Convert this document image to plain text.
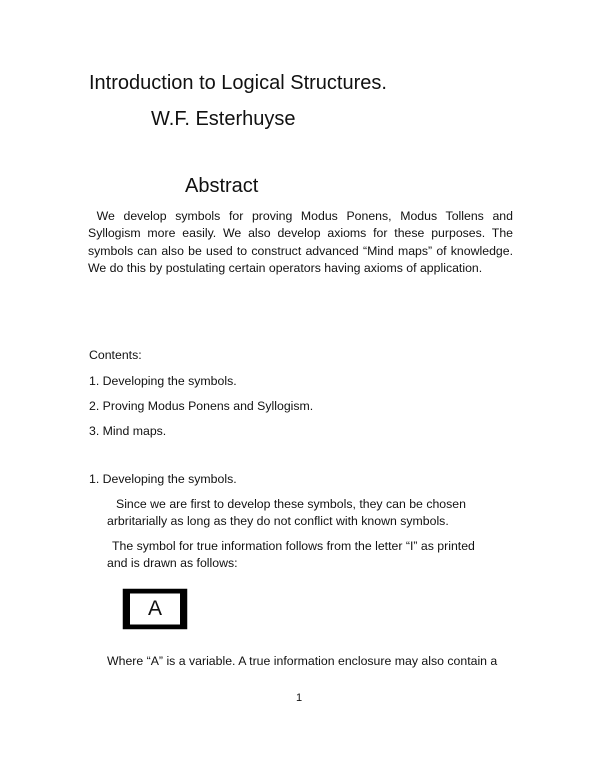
Introduction to Logical Structures.
W.F. Esterhuyse
Abstract
We develop symbols for proving Modus Ponens, Modus Tollens and Syllogism more easily. We also develop axioms for these purposes. The symbols can also be used to construct advanced “Mind maps” of knowledge. We do this by postulating certain operators having axioms of application.
Contents:
1. Developing the symbols.
2. Proving Modus Ponens and Syllogism.
3. Mind maps.
1. Developing the symbols.
Since we are first to develop these symbols, they can be chosen
arbritarially as long as they do not conflict with known symbols.
The symbol for true information follows from the letter “I” as printed
and is drawn as follows:
A
Where “A” is a variable. A true information enclosure may also contain a
1
